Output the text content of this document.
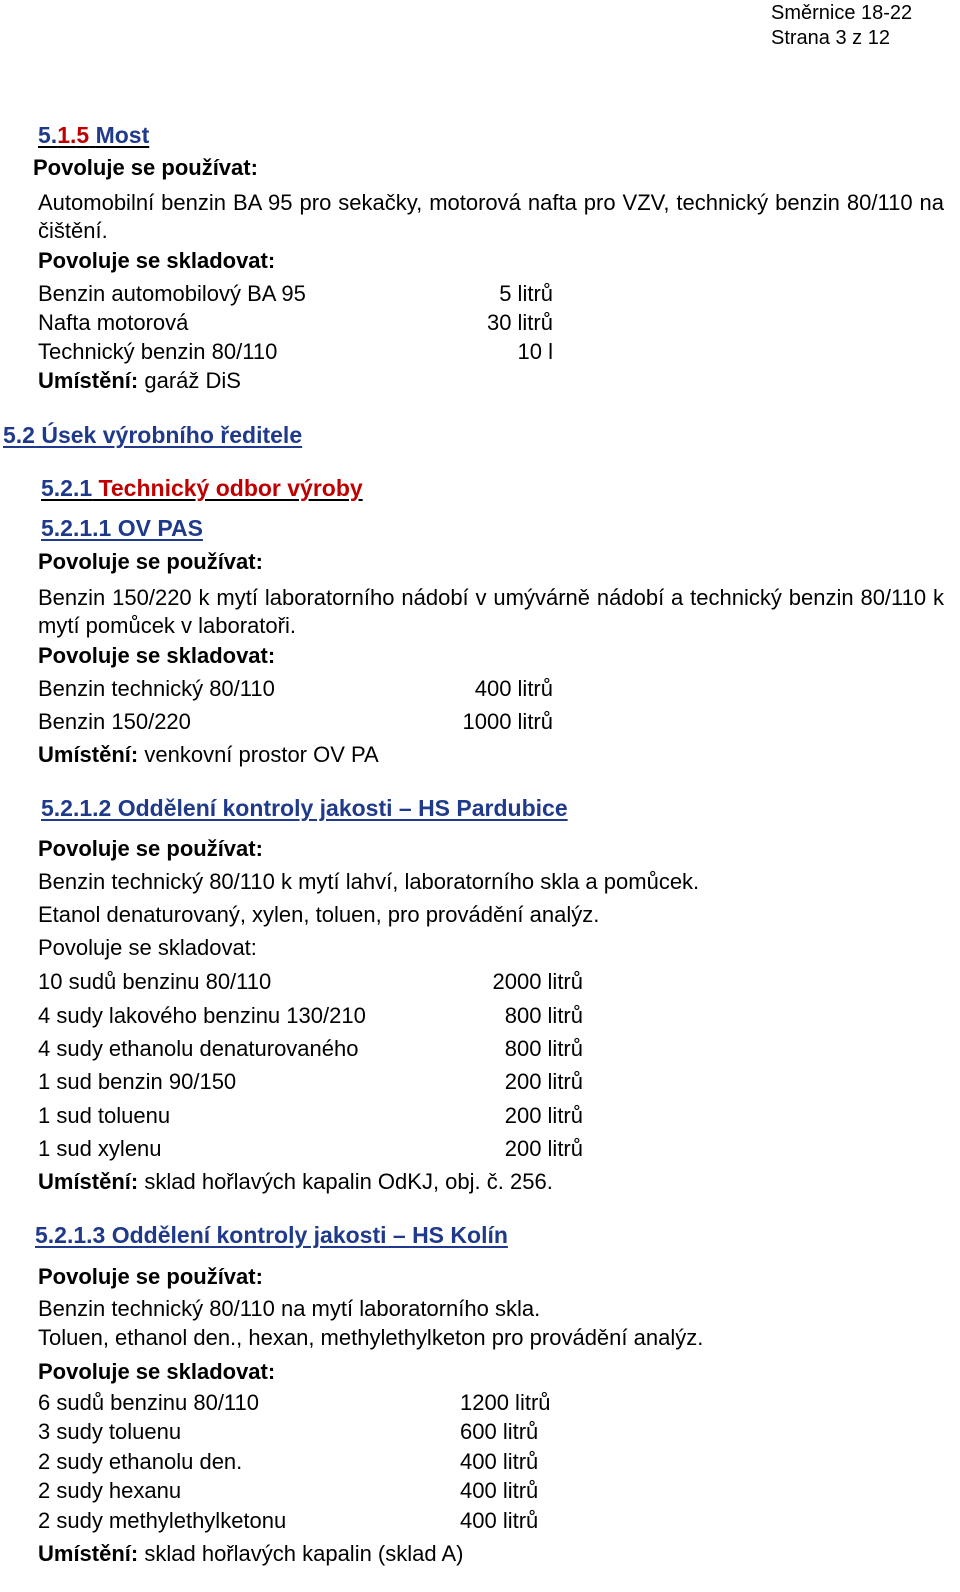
Směrnice 18-22
Strana 3 z 12
5.1.5 Most
Povoluje se používat:
Automobilní benzin BA 95 pro sekačky, motorová nafta pro VZV, technický benzin 80/110 na čištění.
Povoluje se skladovat:
Benzin automobilový BA 95	5 litrů
Nafta motorová	30 litrů
Technický benzin 80/110	10 l
Umístění: garáž DiS
5.2 Úsek výrobního ředitele
5.2.1 Technický odbor výroby
5.2.1.1 OV PAS
Povoluje se používat:
Benzin 150/220 k mytí laboratorního nádobí v umývárně nádobí a technický benzin 80/110 k mytí pomůcek v laboratoři.
Povoluje se skladovat:
Benzin technický 80/110	400 litrů
Benzin 150/220	1000 litrů
Umístění: venkovní prostor OV PA
5.2.1.2 Oddělení kontroly jakosti – HS Pardubice
Povoluje se používat:
Benzin technický 80/110 k mytí lahví, laboratorního skla a pomůcek.
Etanol denaturovaný, xylen, toluen, pro provádění analýz.
Povoluje se skladovat:
10 sudů benzinu 80/110	2000 litrů
4 sudy lakového benzinu 130/210	800 litrů
4 sudy ethanolu denaturovaného	800 litrů
1 sud benzin 90/150	200 litrů
1 sud toluenu	200 litrů
1 sud xylenu	200 litrů
Umístění: sklad hořlavých kapalin OdKJ, obj. č. 256.
5.2.1.3 Oddělení kontroly jakosti – HS Kolín
Povoluje se používat:
Benzin technický 80/110 na mytí laboratorního skla.
Toluen, ethanol den., hexan, methylethylketon pro provádění analýz.
Povoluje se skladovat:
6 sudů benzinu 80/110	1200 litrů
3 sudy toluenu	600 litrů
2 sudy ethanolu den.	400 litrů
2 sudy hexanu	400 litrů
2 sudy methylethylketonu	400 litrů
Umístění: sklad hořlavých kapalin (sklad A)
